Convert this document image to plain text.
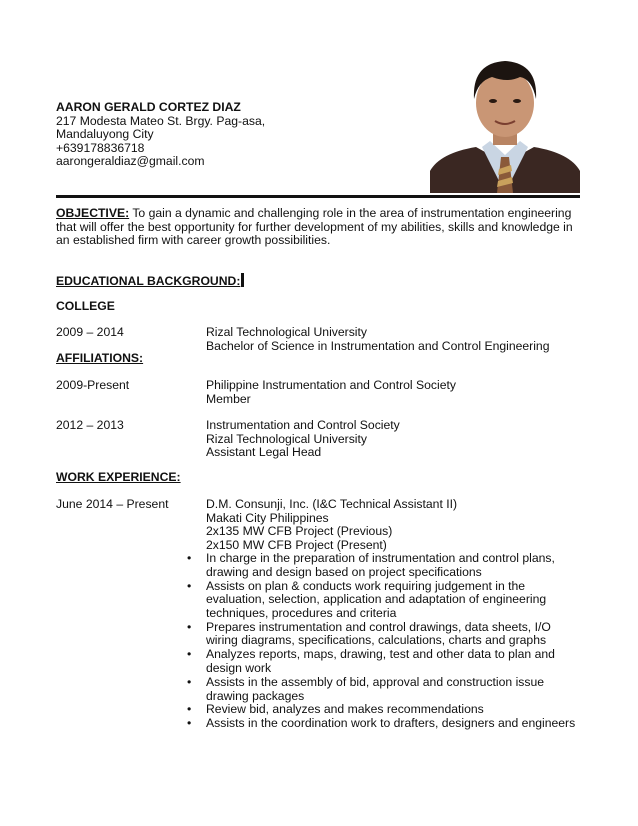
AARON GERALD CORTEZ DIAZ
217 Modesta Mateo St. Brgy. Pag-asa,
Mandaluyong City
+639178836718
aarongeraldiaz@gmail.com
OBJECTIVE: To gain a dynamic and challenging role in the area of instrumentation engineering that will offer the best opportunity for further development of my abilities, skills and knowledge in an established firm with career growth possibilities.
EDUCATIONAL BACKGROUND:
COLLEGE
2009 – 2014	Rizal Technological University
Bachelor of Science in Instrumentation and Control Engineering
AFFILIATIONS:
2009-Present	Philippine Instrumentation and Control Society
Member
2012 – 2013	Instrumentation and Control Society
Rizal Technological University
Assistant Legal Head
WORK EXPERIENCE:
June 2014 – Present	D.M. Consunji, Inc. (I&C Technical Assistant II)
Makati City Philippines
2x135 MW CFB Project (Previous)
2x150 MW CFB Project (Present)
• In charge in the preparation of instrumentation and control plans, drawing and design based on project specifications
• Assists on plan & conducts work requiring judgement in the evaluation, selection, application and adaptation of engineering techniques, procedures and criteria
• Prepares instrumentation and control drawings, data sheets, I/O wiring diagrams, specifications, calculations, charts and graphs
• Analyzes reports, maps, drawing, test and other data to plan and design work
• Assists in the assembly of bid, approval and construction issue drawing packages
• Review bid, analyzes and makes recommendations
• Assists in the coordination work to drafters, designers and engineers
